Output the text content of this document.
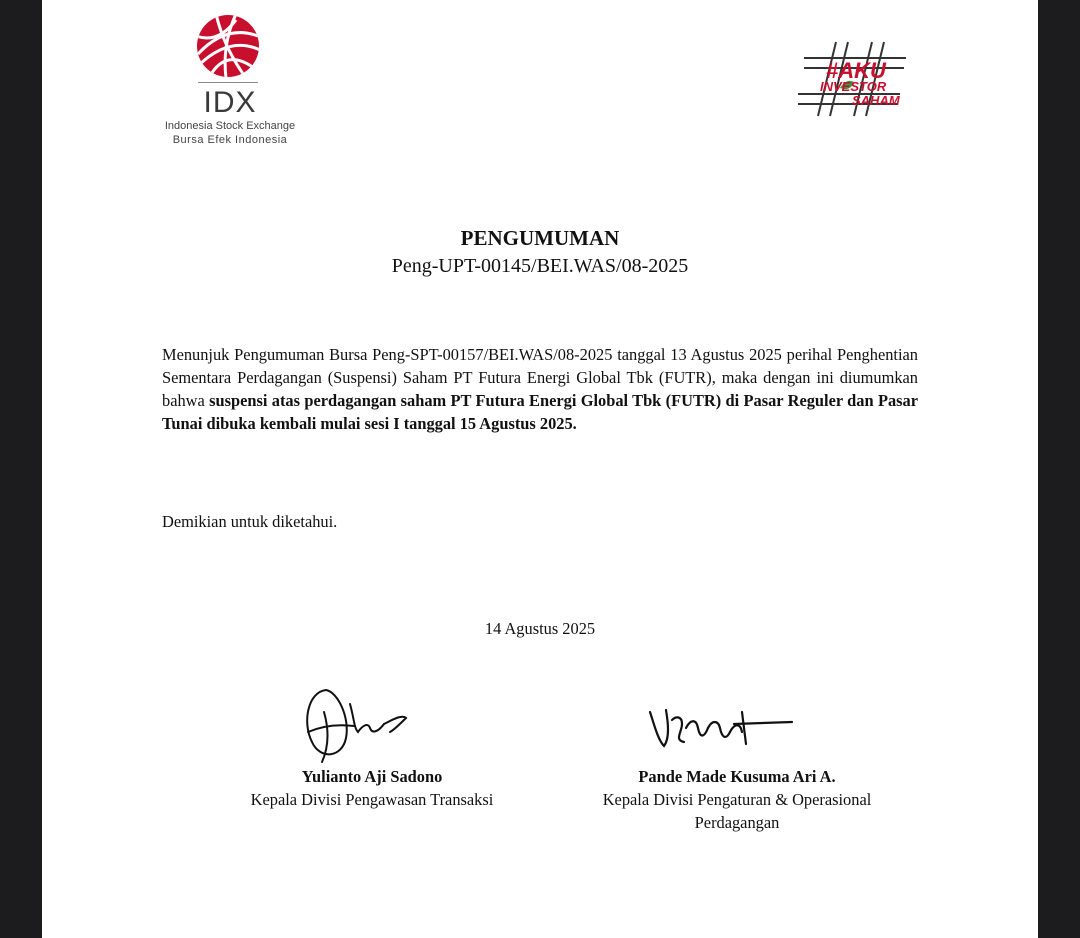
IDX
Indonesia Stock Exchange
Bursa Efek Indonesia
#AKU
INVESTOR
SAHAM
PENGUMUMAN
Peng-UPT-00145/BEI.WAS/08-2025
Menunjuk Pengumuman Bursa Peng-SPT-00157/BEI.WAS/08-2025 tanggal 13 Agustus 2025 perihal Penghentian Sementara Perdagangan (Suspensi) Saham PT Futura Energi Global Tbk (FUTR), maka dengan ini diumumkan bahwa suspensi atas perdagangan saham PT Futura Energi Global Tbk (FUTR) di Pasar Reguler dan Pasar Tunai dibuka kembali mulai sesi I tanggal 15 Agustus 2025.
Demikian untuk diketahui.
14 Agustus 2025
Yulianto Aji Sadono
Kepala Divisi Pengawasan Transaksi
Pande Made Kusuma Ari A.
Kepala Divisi Pengaturan & Operasional Perdagangan
